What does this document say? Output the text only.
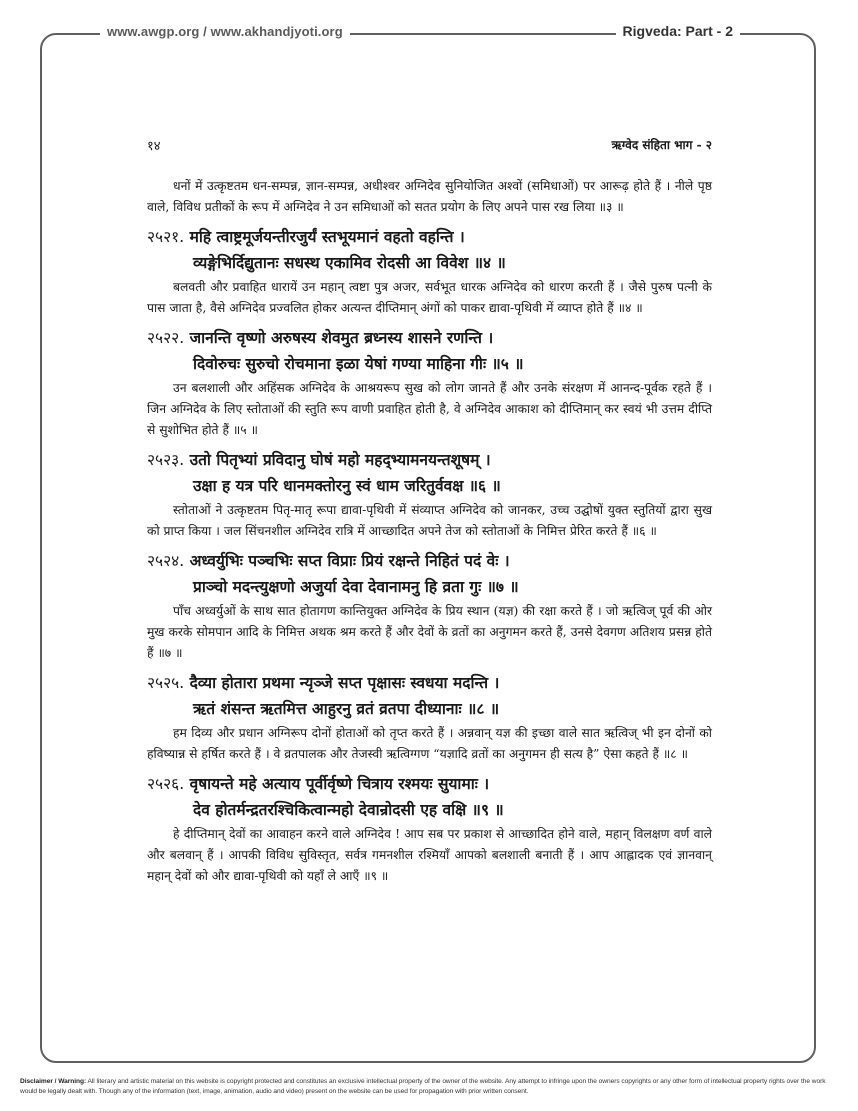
www.awgp.org / www.akhandjyoti.org	Rigveda: Part - 2
१४	ऋग्वेद संहिता भाग - २

धनों में उत्कृष्टतम धन-सम्पन्न, ज्ञान-सम्पन्न, अधीश्वर अग्निदेव सुनियोजित अश्वों (समिधाओं) पर आरूढ़ होते हैं । नीले पृष्ठ वाले, विविध प्रतीकों के रूप में अग्निदेव ने उन समिधाओं को सतत प्रयोग के लिए अपने पास रख लिया ॥३ ॥

२५२१. महि त्वाष्ट्रमूर्जयन्तीरजुर्यं स्तभूयमानं वहतो वहन्ति ।
व्यङ्गेभिर्दिद्युतानः सधस्थ एकामिव रोदसी आ विवेश ॥४ ॥

बलवती और प्रवाहित धारायें उन महान् त्वष्टा पुत्र अजर, सर्वभूत धारक अग्निदेव को धारण करती हैं । जैसे पुरुष पत्नी के पास जाता है, वैसे अग्निदेव प्रज्वलित होकर अत्यन्त दीप्तिमान् अंगों को पाकर द्यावा-पृथिवी में व्याप्त होते हैं ॥४ ॥

२५२२. जानन्ति वृष्णो अरुषस्य शेवमुत ब्रध्नस्य शासने रणन्ति ।
दिवोरुचः सुरुचो रोचमाना इळा येषां गण्या माहिना गीः ॥५ ॥

उन बलशाली और अहिंसक अग्निदेव के आश्रयरूप सुख को लोग जानते हैं और उनके संरक्षण में आनन्द-पूर्वक रहते हैं । जिन अग्निदेव के लिए स्तोताओं की स्तुति रूप वाणी प्रवाहित होती है, वे अग्निदेव आकाश को दीप्तिमान् कर स्वयं भी उत्तम दीप्ति से सुशोभित होते हैं ॥५ ॥

२५२३. उतो पितृभ्यां प्रविदानु घोषं महो महद्भ्यामनयन्तशूषम् ।
उक्षा ह यत्र परि धानमक्तोरनु स्वं धाम जरितुर्ववक्ष ॥६ ॥

स्तोताओं ने उत्कृष्टतम पितृ-मातृ रूपा द्यावा-पृथिवी में संव्याप्त अग्निदेव को जानकर, उच्च उद्घोषों युक्त स्तुतियों द्वारा सुख को प्राप्त किया । जल सिंचनशील अग्निदेव रात्रि में आच्छादित अपने तेज को स्तोताओं के निमित्त प्रेरित करते हैं ॥६ ॥

२५२४. अध्वर्युभिः पञ्चभिः सप्त विप्राः प्रियं रक्षन्ते निहितं पदं वेः ।
प्राञ्चो मदन्त्युक्षणो अजुर्या देवा देवानामनु हि व्रता गुः ॥७ ॥

पाँच अध्वर्युओं के साथ सात होतागण कान्तियुक्त अग्निदेव के प्रिय स्थान (यज्ञ) की रक्षा करते हैं । जो ऋत्विज् पूर्व की ओर मुख करके सोमपान आदि के निमित्त अथक श्रम करते हैं और देवों के व्रतों का अनुगमन करते हैं, उनसे देवगण अतिशय प्रसन्न होते हैं ॥७ ॥

२५२५. दैव्या होतारा प्रथमा न्यृञ्जे सप्त पृक्षासः स्वधया मदन्ति ।
ऋतं शंसन्त ऋतमित्त आहुरनु व्रतं व्रतपा दीध्यानाः ॥८ ॥

हम दिव्य और प्रधान अग्निरूप दोनों होताओं को तृप्त करते हैं । अन्नवान् यज्ञ की इच्छा वाले सात ऋत्विज् भी इन दोनों को हविष्यान्न से हर्षित करते हैं । वे व्रतपालक और तेजस्वी ऋत्विग्गण “यज्ञादि व्रतों का अनुगमन ही सत्य है” ऐसा कहते हैं ॥८ ॥

२५२६. वृषायन्ते महे अत्याय पूर्वीर्वृष्णे चित्राय रश्मयः सुयामाः ।
देव होतर्मन्द्रतरश्चिकित्वान्महो देवान्रोदसी एह वक्षि ॥९ ॥

हे दीप्तिमान् देवों का आवाहन करने वाले अग्निदेव ! आप सब पर प्रकाश से आच्छादित होने वाले, महान् विलक्षण वर्ण वाले और बलवान् हैं । आपकी विविध सुविस्तृत, सर्वत्र गमनशील रश्मियाँ आपको बलशाली बनाती हैं । आप आह्लादक एवं ज्ञानवान् महान् देवों को और द्यावा-पृथिवी को यहाँ ले आएँ ॥९ ॥

Disclaimer / Warning: All literary and artistic material on this website is copyright protected and constitutes an exclusive intellectual property of the owner of the website. Any attempt to infringe upon the owners copyrights or any other form of intellectual property rights over the work would be legally dealt with. Though any of the information (text, image, animation, audio and video) present on the website can be used for propagation with prior written consent.
